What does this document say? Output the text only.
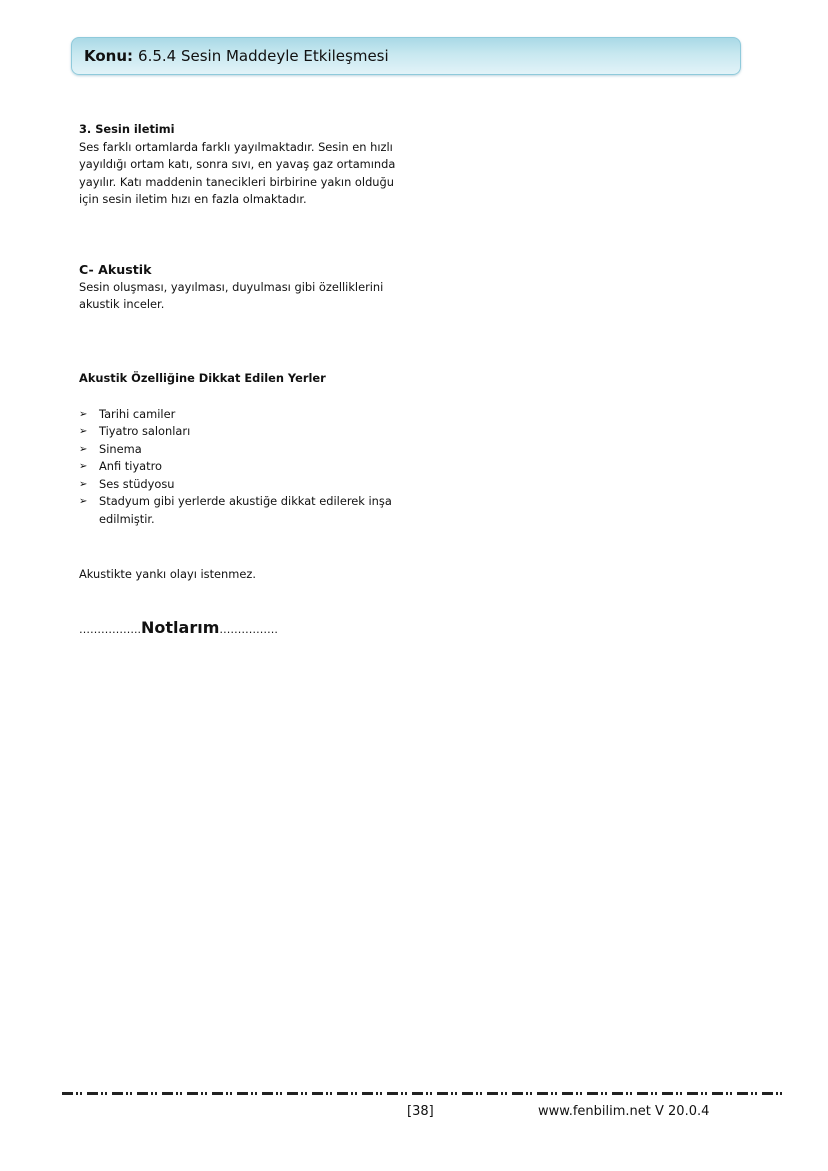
Konu: 6.5.4 Sesin Maddeyle Etkileşmesi
3. Sesin iletimi
Ses farklı ortamlarda farklı yayılmaktadır. Sesin en hızlı
yayıldığı ortam katı, sonra sıvı, en yavaş gaz ortamında
yayılır. Katı maddenin tanecikleri birbirine yakın olduğu
için sesin iletim hızı en fazla olmaktadır.
C- Akustik
Sesin oluşması, yayılması, duyulması gibi özelliklerini
akustik inceler.
Akustik Özelliğine Dikkat Edilen Yerler
➢ Tarihi camiler
➢ Tiyatro salonları
➢ Sinema
➢ Anfi tiyatro
➢ Ses stüdyosu
➢ Stadyum gibi yerlerde akustiğe dikkat edilerek inşa edilmiştir.
Akustikte yankı olayı istenmez.
……………..Notlarım…………….
[38]	www.fenbilim.net V 20.0.4
